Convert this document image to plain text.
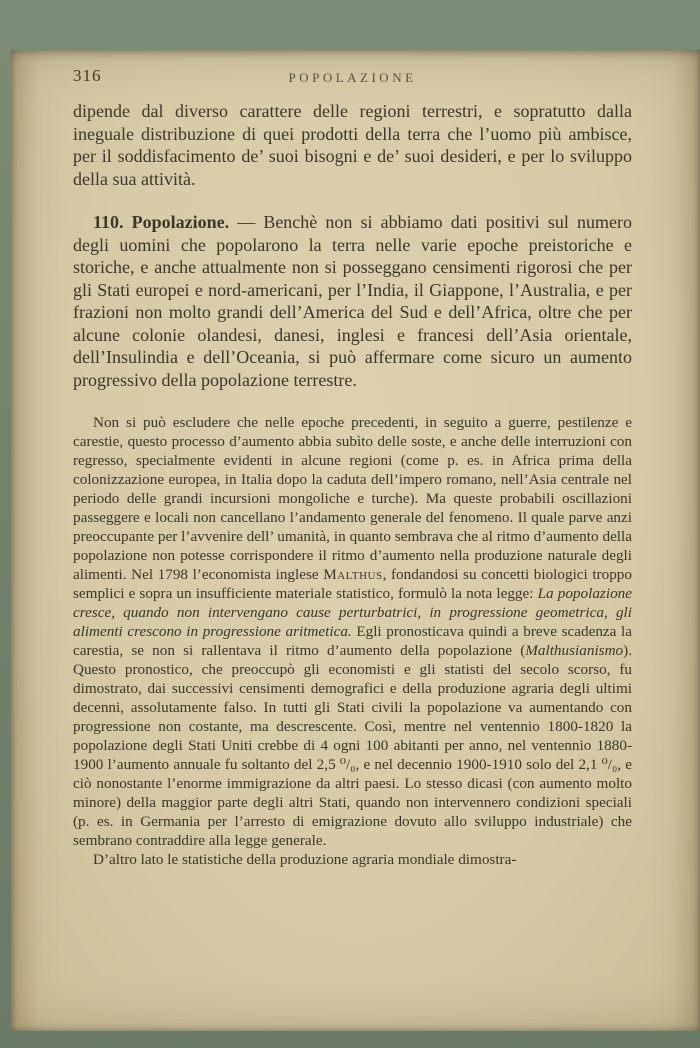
316	POPOLAZIONE

dipende dal diverso carattere delle regioni terrestri, e sopratutto dalla ineguale distribuzione di quei prodotti della terra che l’uomo più ambisce, per il soddisfacimento de’ suoi bisogni e de’ suoi desideri, e per lo sviluppo della sua attività.

110. Popolazione. — Benchè non si abbiamo dati positivi sul numero degli uomini che popolarono la terra nelle varie epoche preistoriche e storiche, e anche attualmente non si posseggano censimenti rigorosi che per gli Stati europei e nord-americani, per l’India, il Giappone, l’Australia, e per frazioni non molto grandi dell’America del Sud e dell’Africa, oltre che per alcune colonie olandesi, danesi, inglesi e francesi dell’Asia orientale, dell’Insulindia e dell’Oceania, si può affermare come sicuro un aumento progressivo della popolazione terrestre.

Non si può escludere che nelle epoche precedenti, in seguito a guerre, pestilenze e carestie, questo processo d’aumento abbia subìto delle soste, e anche delle interruzioni con regresso, specialmente evidenti in alcune regioni (come p. es. in Africa prima della colonizzazione europea, in Italia dopo la caduta dell’impero romano, nell’Asia centrale nel periodo delle grandi incursioni mongoliche e turche). Ma queste probabili oscillazioni passeggere e locali non cancellano l’andamento generale del fenomeno. Il quale parve anzi preoccupante per l’avvenire dell’ umanità, in quanto sembrava che al ritmo d’aumento della popolazione non potesse corrispondere il ritmo d’aumento nella produzione naturale degli alimenti. Nel 1798 l’economista inglese Malthus, fondandosi su concetti biologici troppo semplici e sopra un insufficiente materiale statistico, formulò la nota legge: La popolazione cresce, quando non intervengano cause perturbatrici, in progressione geometrica, gli alimenti crescono in progressione aritmetica. Egli pronosticava quindi a breve scadenza la carestia, se non si rallentava il ritmo d’aumento della popolazione (Malthusianismo). Questo pronostico, che preoccupò gli economisti e gli statisti del secolo scorso, fu dimostrato, dai successivi censimenti demografici e della produzione agraria degli ultimi decenni, assolutamente falso. In tutti gli Stati civili la popolazione va aumentando con progressione non costante, ma descrescente. Così, mentre nel ventennio 1800-1820 la popolazione degli Stati Uniti crebbe di 4 ogni 100 abitanti per anno, nel ventennio 1880-1900 l’aumento annuale fu soltanto del 2,5 ⁰/₀, e nel decennio 1900-1910 solo del 2,1 ⁰/₀, e ciò nonostante l’enorme immigrazione da altri paesi. Lo stesso dicasi (con aumento molto minore) della maggior parte degli altri Stati, quando non intervennero condizioni speciali (p. es. in Germania per l’arresto di emigrazione dovuto allo sviluppo industriale) che sembrano contraddire alla legge generale.

D’altro lato le statistiche della produzione agraria mondiale dimostra-
